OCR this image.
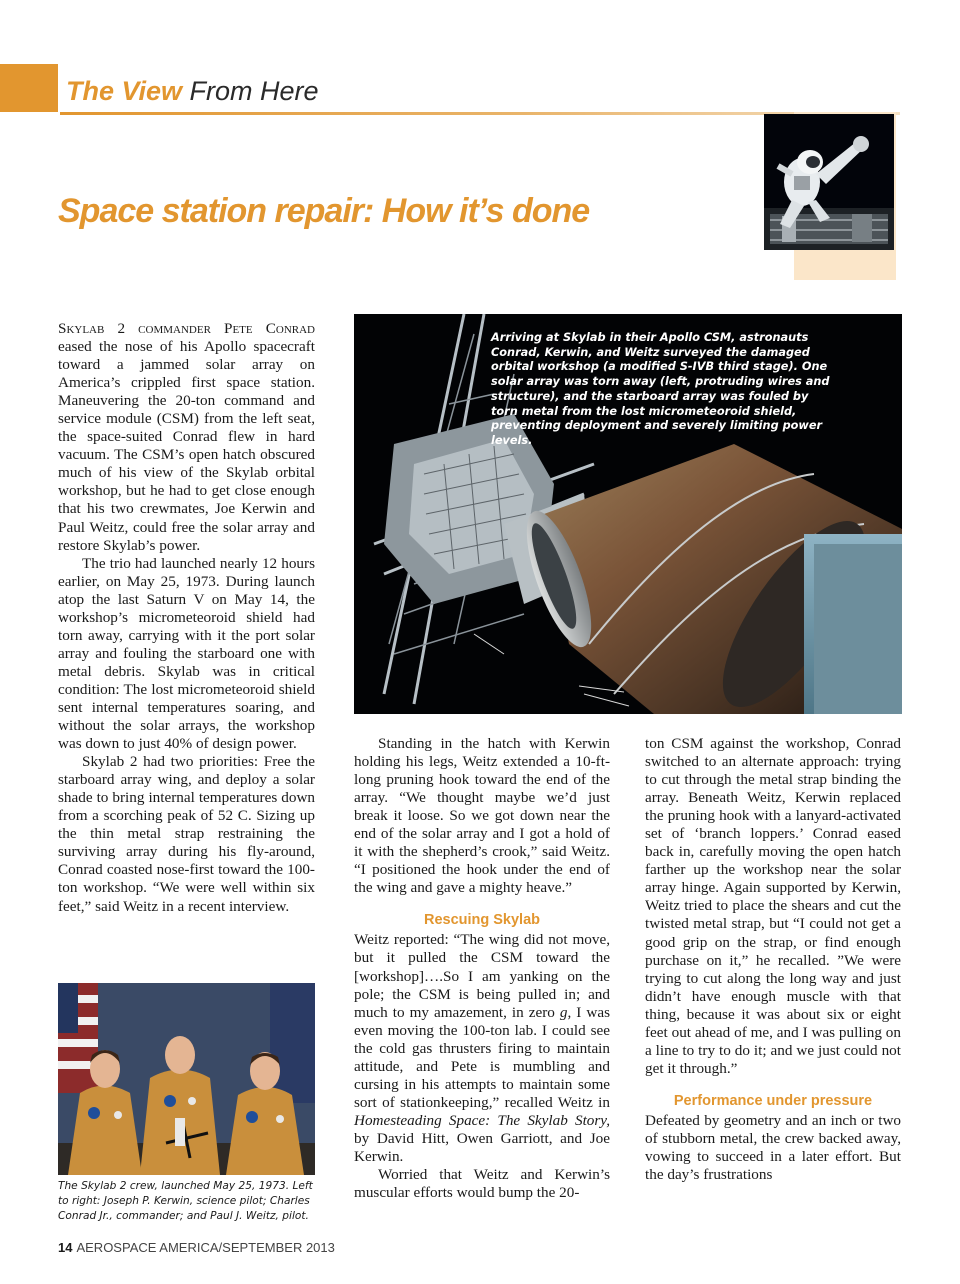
The View From Here
Space station repair: How it’s done

Skylab 2 commander Pete Conrad eased the nose of his Apollo spacecraft toward a jammed solar array on America’s crippled first space station. Maneuvering the 20-ton command and service module (CSM) from the left seat, the space-suited Conrad flew in hard vacuum. The CSM’s open hatch obscured much of his view of the Skylab orbital workshop, but he had to get close enough that his two crewmates, Joe Kerwin and Paul Weitz, could free the solar array and restore Skylab’s power.

The trio had launched nearly 12 hours earlier, on May 25, 1973. During launch atop the last Saturn V on May 14, the workshop’s micrometeoroid shield had torn away, carrying with it the port solar array and fouling the starboard one with metal debris. Skylab was in critical condition: The lost micrometeoroid shield sent internal temperatures soaring, and without the solar arrays, the workshop was down to just 40% of design power.

Skylab 2 had two priorities: Free the starboard array wing, and deploy a solar shade to bring internal temperatures down from a scorching peak of 52 C. Sizing up the thin metal strap restraining the surviving array during his fly-around, Conrad coasted nose-first toward the 100-ton workshop. “We were well within six feet,” said Weitz in a recent interview.

Arriving at Skylab in their Apollo CSM, astronauts Conrad, Kerwin, and Weitz surveyed the damaged orbital workshop (a modified S-IVB third stage). One solar array was torn away (left, protruding wires and structure), and the starboard array was fouled by torn metal from the lost micrometeoroid shield, preventing deployment and severely limiting power levels.
The Skylab 2 crew, launched May 25, 1973. Left to right: Joseph P. Kerwin, science pilot; Charles Conrad Jr., commander; and Paul J. Weitz, pilot.

Standing in the hatch with Kerwin holding his legs, Weitz extended a 10-ft-long pruning hook toward the end of the array. “We thought maybe we’d just break it loose. So we got down near the end of the solar array and I got a hold of it with the shepherd’s crook,” said Weitz. “I positioned the hook under the end of the wing and gave a mighty heave.”

Rescuing Skylab

Weitz reported: “The wing did not move, but it pulled the CSM toward the [workshop]….So I am yanking on the pole; the CSM is being pulled in; and much to my amazement, in zero g, I was even moving the 100-ton lab. I could see the cold gas thrusters firing to maintain attitude, and Pete is mumbling and cursing in his attempts to maintain some sort of stationkeeping,” recalled Weitz in Homesteading Space: The Skylab Story, by David Hitt, Owen Garriott, and Joe Kerwin.

Worried that Weitz and Kerwin’s muscular efforts would bump the 20-

ton CSM against the workshop, Conrad switched to an alternate approach: trying to cut through the metal strap binding the array. Beneath Weitz, Kerwin replaced the pruning hook with a lanyard-activated set of ‘branch loppers.’ Conrad eased back in, carefully moving the open hatch farther up the workshop near the solar array hinge. Again supported by Kerwin, Weitz tried to place the shears and cut the twisted metal strap, but “I could not get a good grip on the strap, or find enough purchase on it,” he recalled. ”We were trying to cut along the long way and just didn’t have enough muscle with that thing, because it was about six or eight feet out ahead of me, and I was pulling on a line to try to do it; and we just could not get it through.”

Performance under pressure

Defeated by geometry and an inch or two of stubborn metal, the crew backed away, vowing to succeed in a later effort. But the day’s frustrations

14 AEROSPACE AMERICA/SEPTEMBER 2013
